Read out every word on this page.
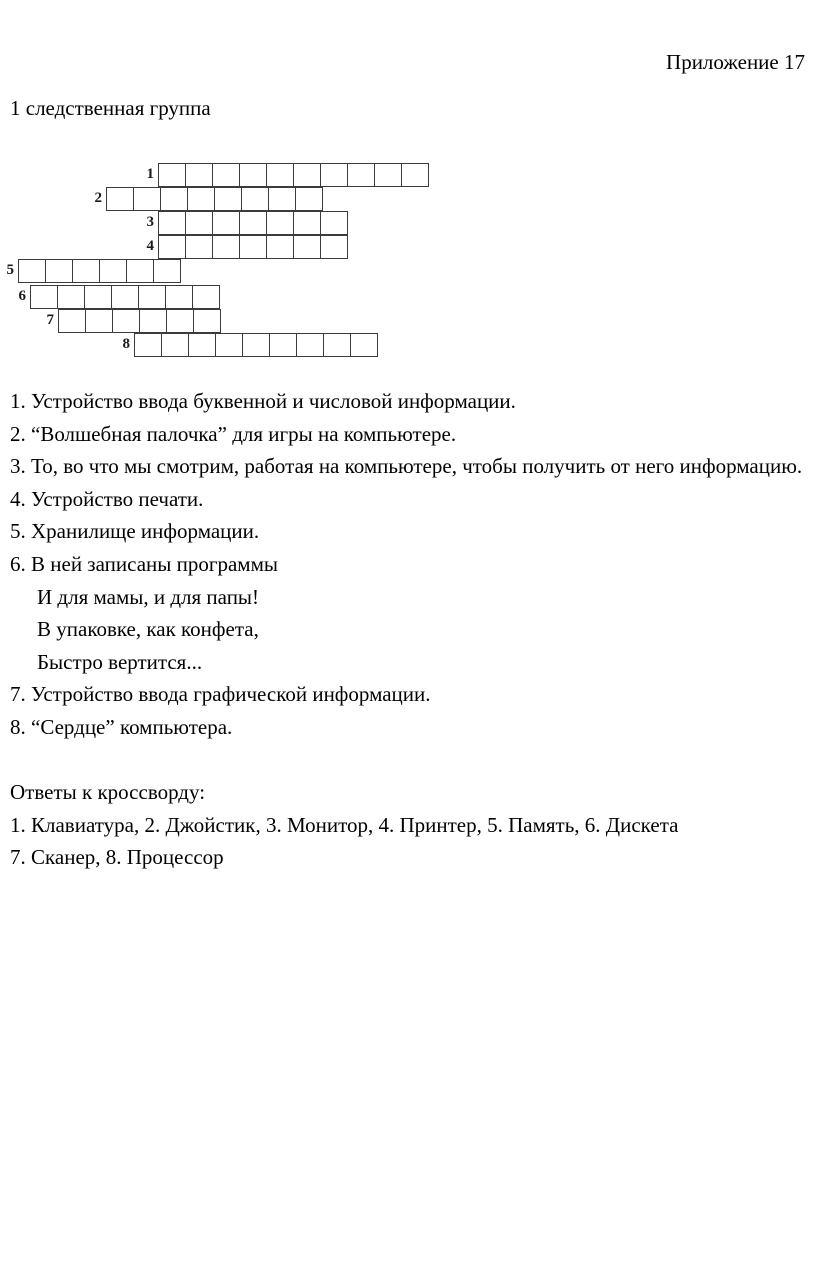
Приложение 17
1 следственная группа
1
2
3
4
5
6
7
8

1. Устройство ввода буквенной и числовой информации.

2. “Волшебная палочка” для игры на компьютере.

3. То, во что мы смотрим, работая на компьютере, чтобы получить от него информацию.

4. Устройство печати.

5. Хранилище информации.

6. В ней записаны программы

И для мамы, и для папы!

В упаковке, как конфета,

Быстро вертится...

7. Устройство ввода графической информации.

8. “Сердце” компьютера.

Ответы к кроссворду:

1. Клавиатура, 2. Джойстик, 3. Монитор, 4. Принтер, 5. Память, 6. Дискета

7. Сканер, 8. Процессор
